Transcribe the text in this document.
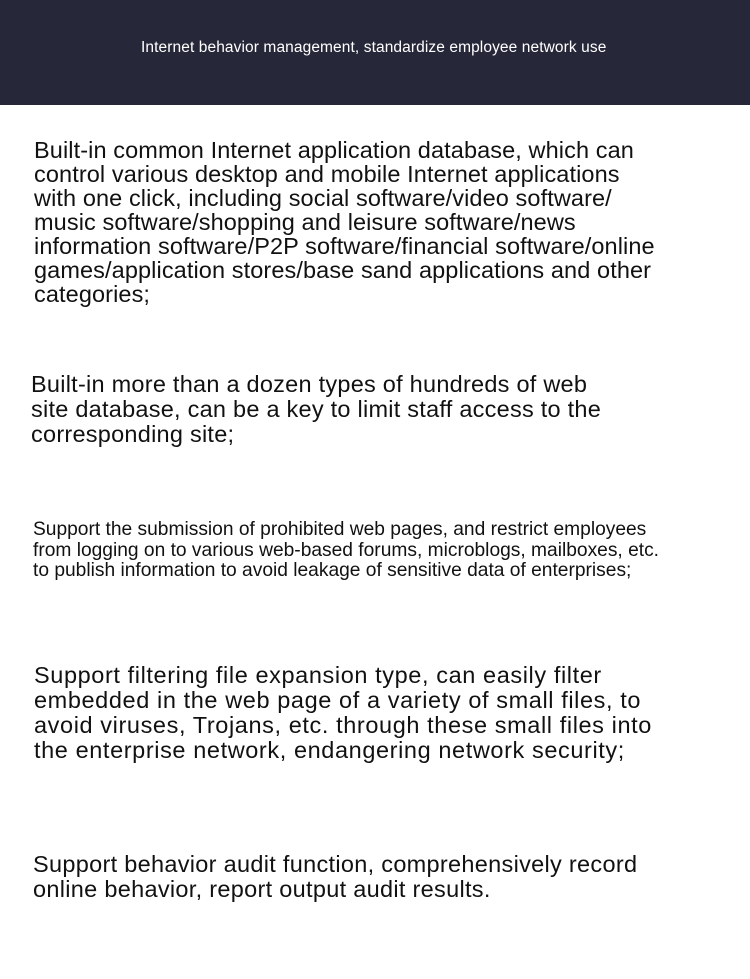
Internet behavior management, standardize employee network use

Built-in common Internet application database, which can
control various desktop and mobile Internet applications
with one click, including social software/video software/
music software/shopping and leisure software/news
information software/P2P software/financial software/online
games/application stores/base sand applications and other
categories;

Built-in more than a dozen types of hundreds of web
site database, can be a key to limit staff access to the
corresponding site;

Support the submission of prohibited web pages, and restrict employees
from logging on to various web-based forums, microblogs, mailboxes, etc.
to publish information to avoid leakage of sensitive data of enterprises;

Support filtering file expansion type, can easily filter
embedded in the web page of a variety of small files, to
avoid viruses, Trojans, etc. through these small files into
the enterprise network, endangering network security;

Support behavior audit function, comprehensively record
online behavior, report output audit results.
